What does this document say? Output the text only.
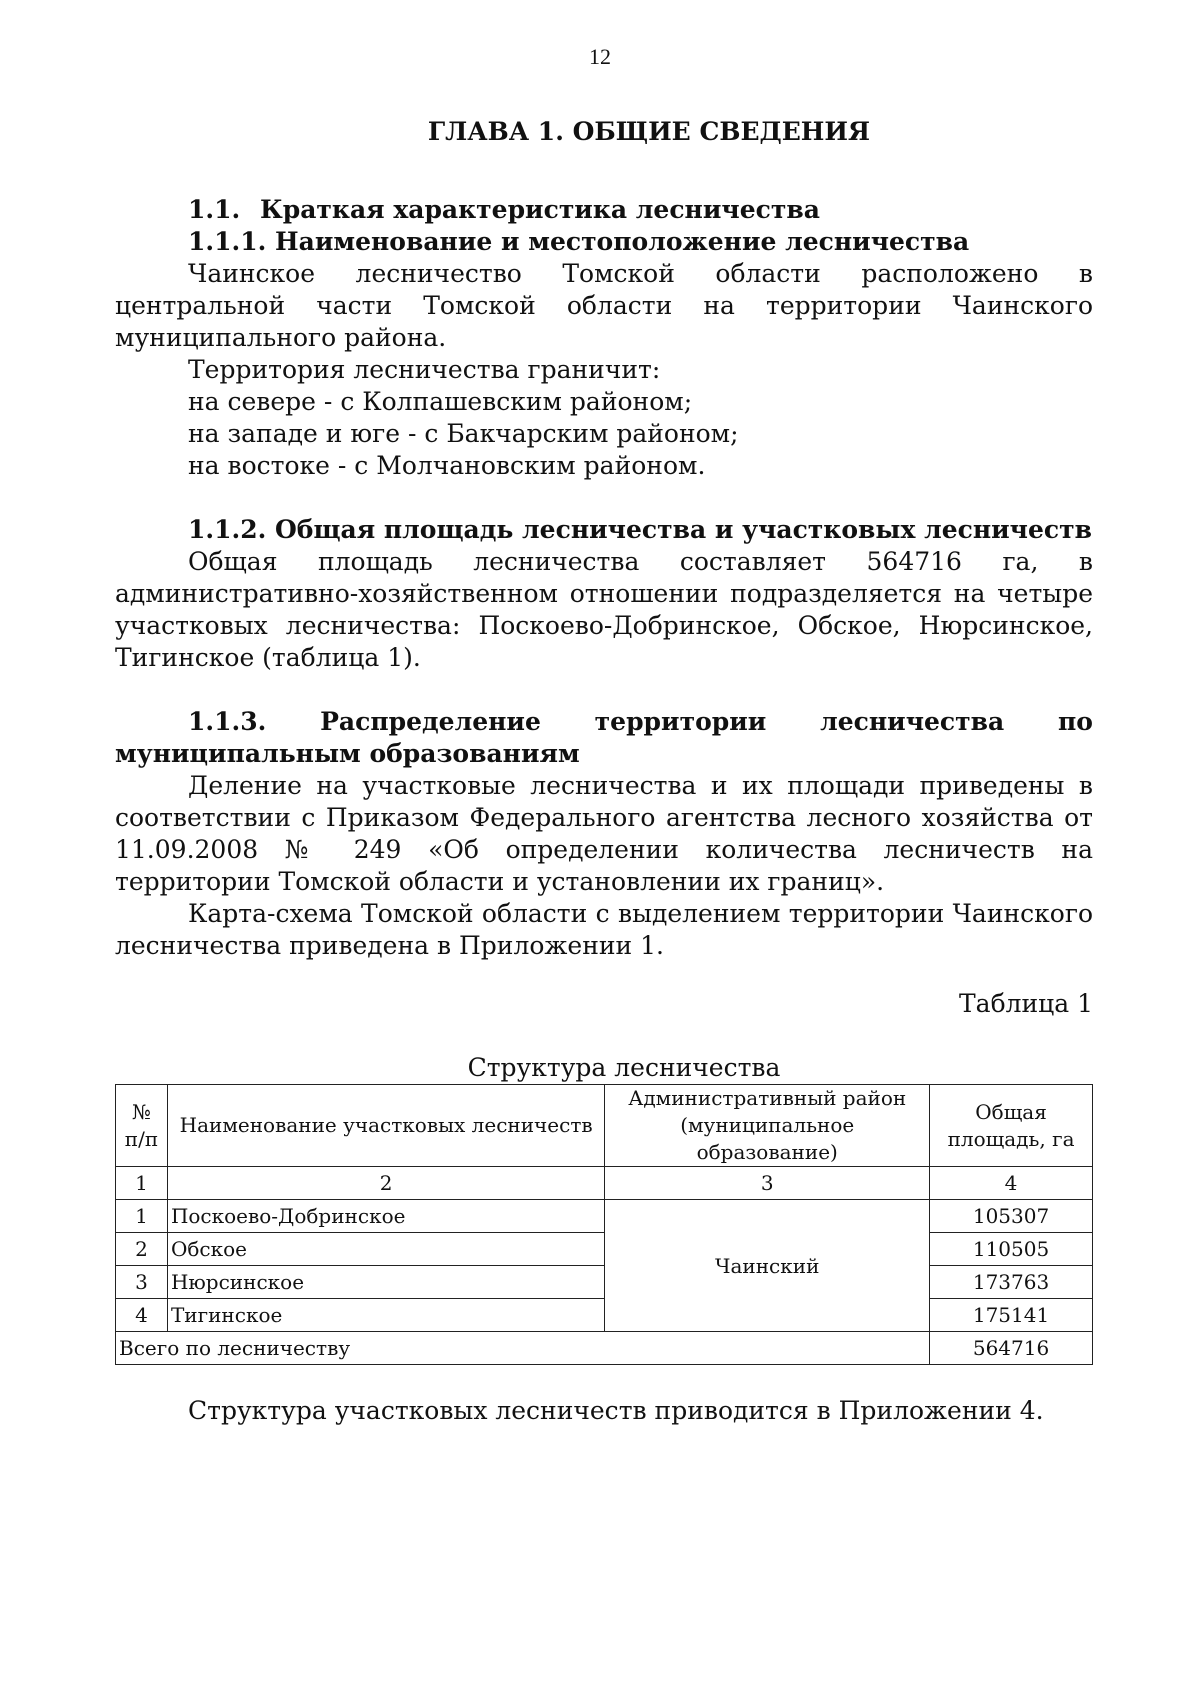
12

ГЛАВА 1. ОБЩИЕ СВЕДЕНИЯ

1.1. Краткая характеристика лесничества

1.1.1. Наименование и местоположение лесничества

Чаинское лесничество Томской области расположено в центральной части Томской области на территории Чаинского муниципального района.

Территория лесничества граничит:

на севере - с Колпашевским районом;

на западе и юге - с Бакчарским районом;

на востоке - с Молчановским районом.

1.1.2. Общая площадь лесничества и участковых лесничеств

Общая площадь лесничества составляет 564716 га, в административно-хозяйственном отношении подразделяется на четыре участковых лесничества: Поскоево-Добринское, Обское, Нюрсинское, Тигинское (таблица 1).

1.1.3. Распределение территории лесничества по муниципальным образованиям

Деление на участковые лесничества и их площади приведены в соответствии с Приказом Федерального агентства лесного хозяйства от 11.09.2008 № 249 «Об определении количества лесничеств на территории Томской области и установлении их границ».

Карта-схема Томской области с выделением территории Чаинского лесничества приведена в Приложении 1.

Таблица 1

Структура лесничества

№ п/п	Наименование участковых лесничеств	Административный район (муниципальное образование)	Общая площадь, га
1	2	3	4
1	Поскоево-Добринское	Чаинский	105307
2	Обское		110505
3	Нюрсинское		173763
4	Тигинское		175141
Всего по лесничеству			564716

Структура участковых лесничеств приводится в Приложении 4.
